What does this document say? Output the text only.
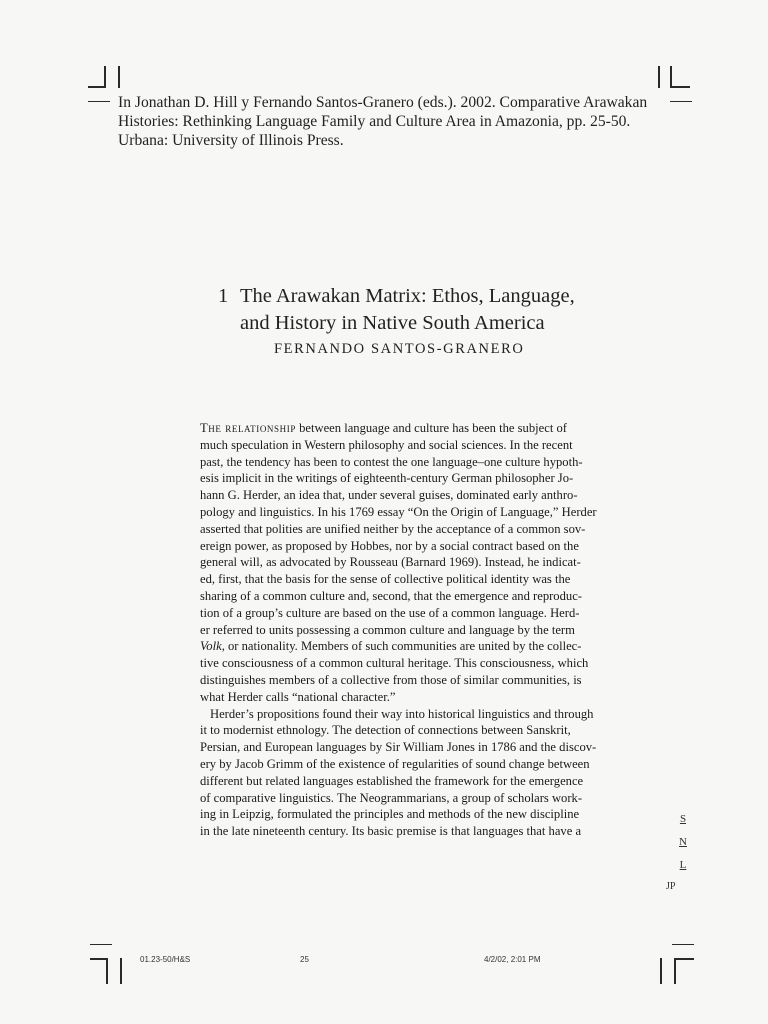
In Jonathan D. Hill y Fernando Santos-Granero (eds.). 2002. Comparative Arawakan
Histories: Rethinking Language Family and Culture Area in Amazonia, pp. 25-50.
Urbana: University of Illinois Press.
1 The Arawakan Matrix: Ethos, Language,
and History in Native South America
FERNANDO SANTOS-GRANERO
The relationship between language and culture has been the subject of
much speculation in Western philosophy and social sciences. In the recent
past, the tendency has been to contest the one language–one culture hypoth-
esis implicit in the writings of eighteenth-century German philosopher Jo-
hann G. Herder, an idea that, under several guises, dominated early anthro-
pology and linguistics. In his 1769 essay “On the Origin of Language,” Herder
asserted that polities are unified neither by the acceptance of a common sov-
ereign power, as proposed by Hobbes, nor by a social contract based on the
general will, as advocated by Rousseau (Barnard 1969). Instead, he indicat-
ed, first, that the basis for the sense of collective political identity was the
sharing of a common culture and, second, that the emergence and reproduc-
tion of a group’s culture are based on the use of a common language. Herd-
er referred to units possessing a common culture and language by the term
Volk, or nationality. Members of such communities are united by the collec-
tive consciousness of a common cultural heritage. This consciousness, which
distinguishes members of a collective from those of similar communities, is
what Herder calls “national character.”
Herder’s propositions found their way into historical linguistics and through
it to modernist ethnology. The detection of connections between Sanskrit,
Persian, and European languages by Sir William Jones in 1786 and the discov-
ery by Jacob Grimm of the existence of regularities of sound change between
different but related languages established the framework for the emergence
of comparative linguistics. The Neogrammarians, a group of scholars work-
ing in Leipzig, formulated the principles and methods of the new discipline
in the late nineteenth century. Its basic premise is that languages that have a
S
N
L
JP
01.23-50/H&S	25	4/2/02, 2:01 PM
